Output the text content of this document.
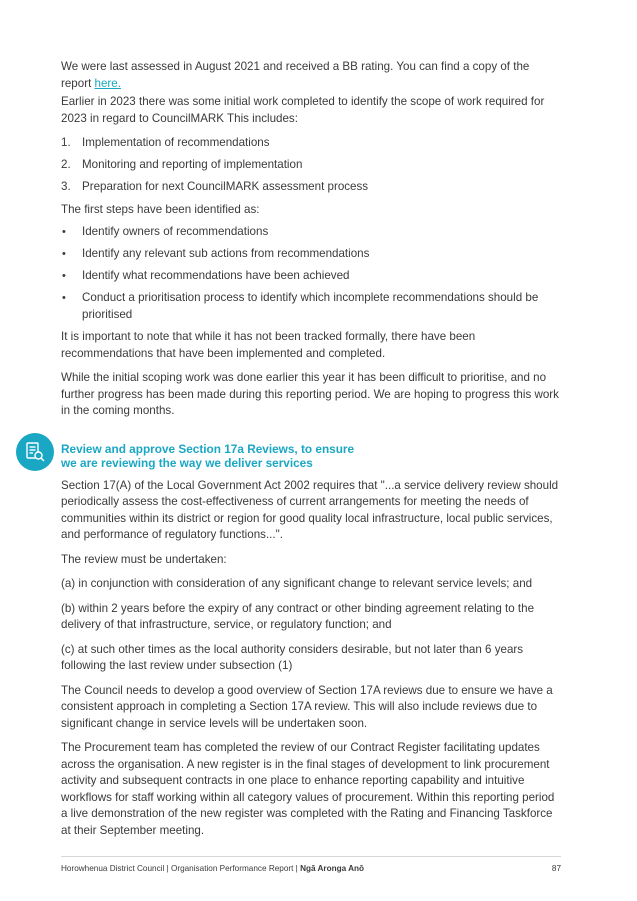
We were last assessed in August 2021 and received a BB rating. You can find a copy of the report here.

Earlier in 2023 there was some initial work completed to identify the scope of work required for 2023 in regard to CouncilMARK This includes:

1. Implementation of recommendations
2. Monitoring and reporting of implementation
3. Preparation for next CouncilMARK assessment process

The first steps have been identified as:

• Identify owners of recommendations
• Identify any relevant sub actions from recommendations
• Identify what recommendations have been achieved
• Conduct a prioritisation process to identify which incomplete recommendations should be prioritised

It is important to note that while it has not been tracked formally, there have been recommendations that have been implemented and completed.

While the initial scoping work was done earlier this year it has been difficult to prioritise, and no further progress has been made during this reporting period. We are hoping to progress this work in the coming months.

Review and approve Section 17a Reviews, to ensure
we are reviewing the way we deliver services

Section 17(A) of the Local Government Act 2002 requires that "...a service delivery review should periodically assess the cost-effectiveness of current arrangements for meeting the needs of communities within its district or region for good quality local infrastructure, local public services, and performance of regulatory functions...".

The review must be undertaken:

(a) in conjunction with consideration of any significant change to relevant service levels; and

(b) within 2 years before the expiry of any contract or other binding agreement relating to the delivery of that infrastructure, service, or regulatory function; and

(c) at such other times as the local authority considers desirable, but not later than 6 years following the last review under subsection (1)

The Council needs to develop a good overview of Section 17A reviews due to ensure we have a consistent approach in completing a Section 17A review. This will also include reviews due to significant change in service levels will be undertaken soon.

The Procurement team has completed the review of our Contract Register facilitating updates across the organisation. A new register is in the final stages of development to link procurement activity and subsequent contracts in one place to enhance reporting capability and intuitive workflows for staff working within all category values of procurement. Within this reporting period a live demonstration of the new register was completed with the Rating and Financing Taskforce at their September meeting.

Horowhenua District Council | Organisation Performance Report | Ngā Aronga Anō	87
